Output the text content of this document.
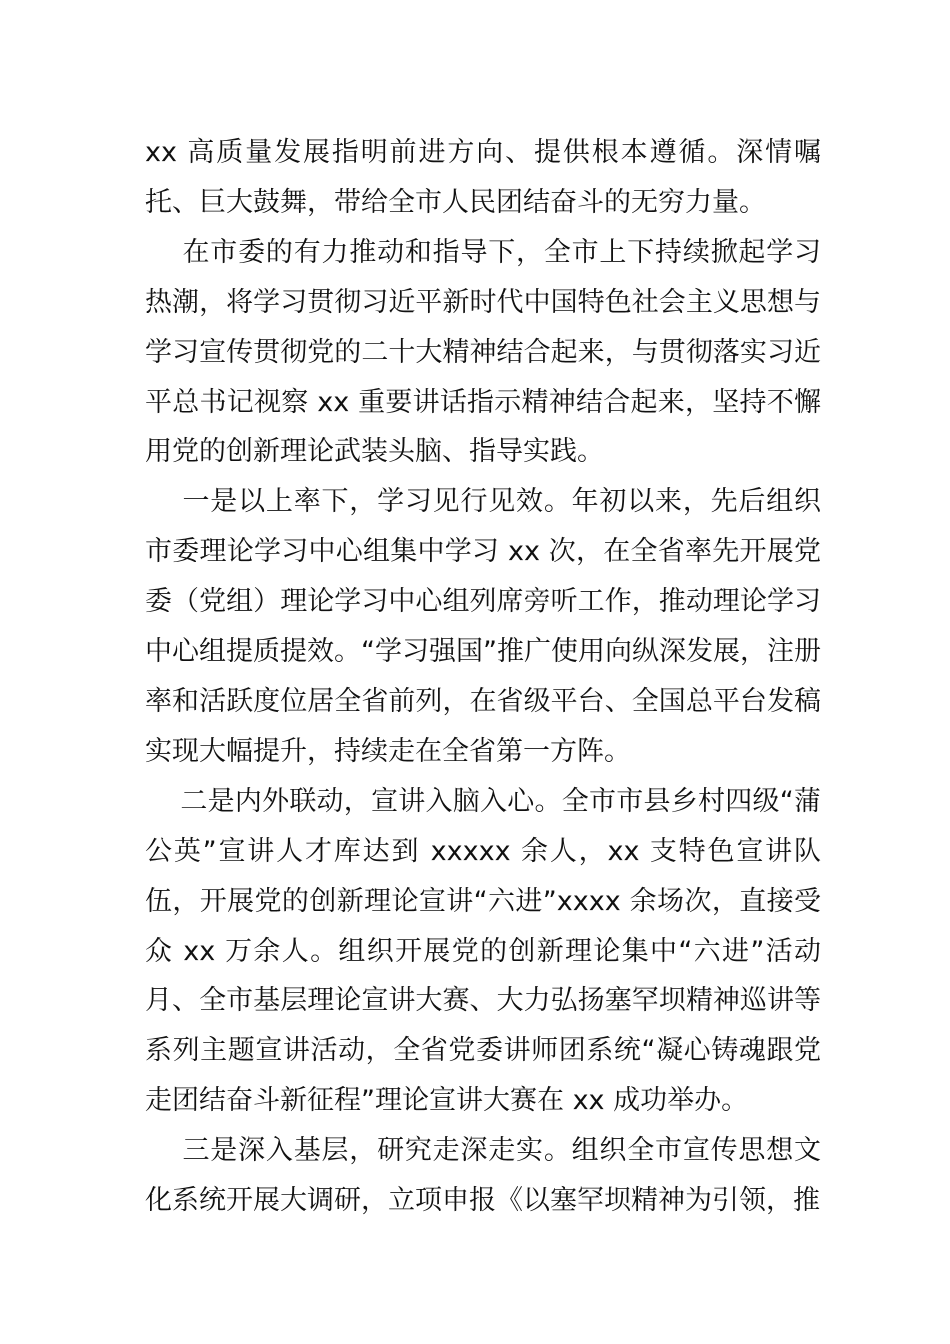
xx 高质量发展指明前进方向、提供根本遵循。深情嘱托、巨大鼓舞，带给全市人民团结奋斗的无穷力量。

在市委的有力推动和指导下，全市上下持续掀起学习热潮，将学习贯彻习近平新时代中国特色社会主义思想与学习宣传贯彻党的二十大精神结合起来，与贯彻落实习近平总书记视察 xx 重要讲话指示精神结合起来，坚持不懈用党的创新理论武装头脑、指导实践。

一是以上率下，学习见行见效。年初以来，先后组织市委理论学习中心组集中学习 xx 次，在全省率先开展党委（党组）理论学习中心组列席旁听工作，推动理论学习中心组提质提效。“学习强国”推广使用向纵深发展，注册率和活跃度位居全省前列，在省级平台、全国总平台发稿实现大幅提升，持续走在全省第一方阵。

二是内外联动，宣讲入脑入心。全市市县乡村四级“蒲公英”宣讲人才库达到 xxxxx 余人，xx 支特色宣讲队伍，开展党的创新理论宣讲“六进”xxxx 余场次，直接受众 xx 万余人。组织开展党的创新理论集中“六进”活动月、全市基层理论宣讲大赛、大力弘扬塞罕坝精神巡讲等系列主题宣讲活动，全省党委讲师团系统“凝心铸魂跟党走团结奋斗新征程”理论宣讲大赛在 xx 成功举办。

三是深入基层，研究走深走实。组织全市宣传思想文化系统开展大调研，立项申报《以塞罕坝精神为引领，推
